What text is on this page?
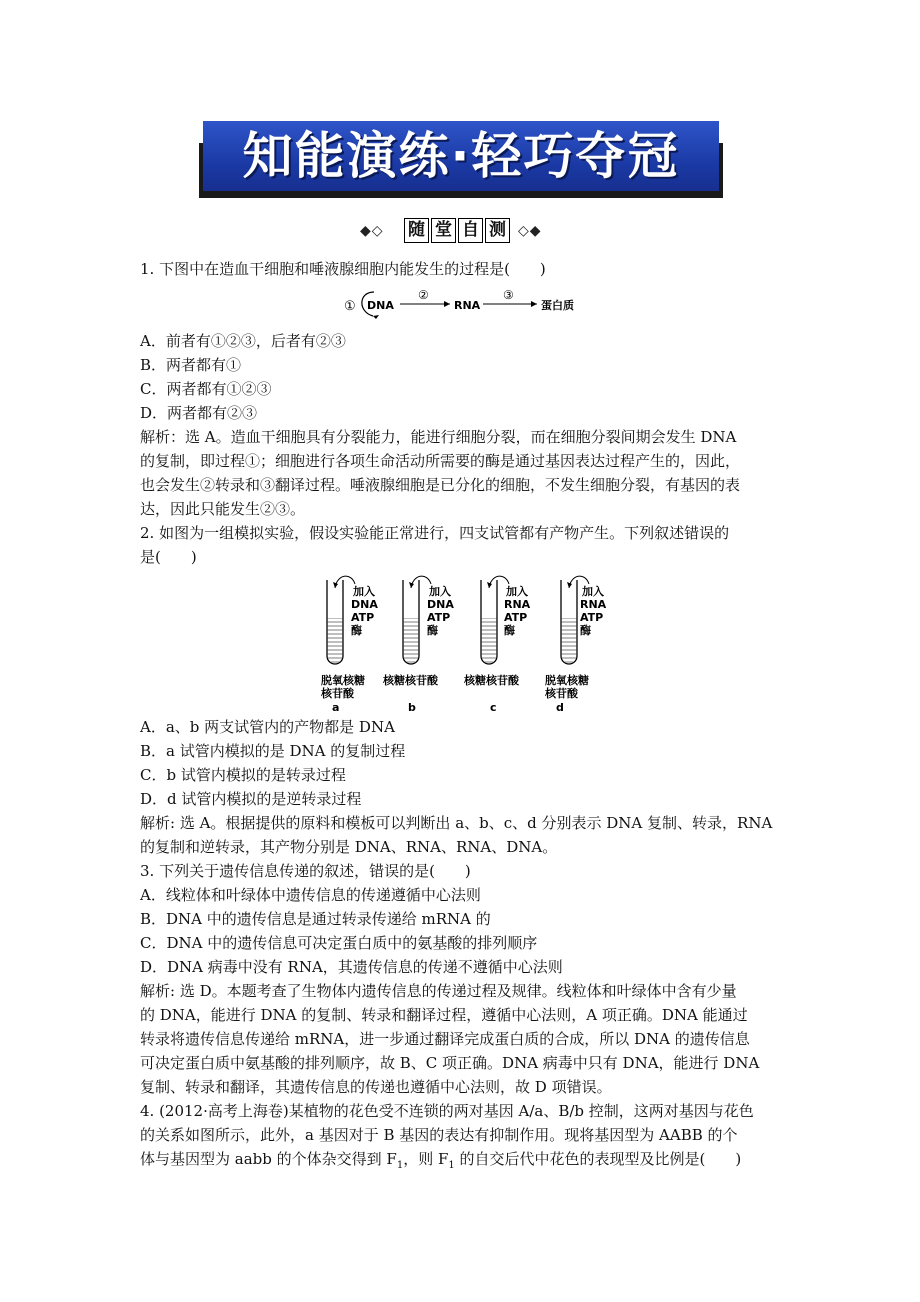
知能演练·轻巧夺冠
◆◇ 随 堂 自 测 ◇◆
1. 下图中在造血干细胞和唾液腺细胞内能发生的过程是(　　)
① DNA
②
RNA
③
蛋白质
A．前者有①②③，后者有②③
B．两者都有①
C．两者都有①②③
D．两者都有②③
解析：选 A。造血干细胞具有分裂能力，能进行细胞分裂，而在细胞分裂间期会发生 DNA
的复制，即过程①；细胞进行各项生命活动所需要的酶是通过基因表达过程产生的，因此，
也会发生②转录和③翻译过程。唾液腺细胞是已分化的细胞，不发生细胞分裂，有基因的表
达，因此只能发生②③。
2. 如图为一组模拟实验，假设实验能正常进行，四支试管都有产物产生。下列叙述错误的
是(　　)
加入
DNA
ATP
酶
脱氧核糖
核苷酸
a
加入
DNA
ATP
酶
核糖核苷酸
b
加入
RNA
ATP
酶
核糖核苷酸
c
加入
RNA
ATP
酶
脱氧核糖
核苷酸
d
A．a、b 两支试管内的产物都是 DNA
B．a 试管内模拟的是 DNA 的复制过程
C．b 试管内模拟的是转录过程
D．d 试管内模拟的是逆转录过程
解析: 选 A。根据提供的原料和模板可以判断出 a、b、c、d 分别表示 DNA 复制、转录，RNA
的复制和逆转录，其产物分别是 DNA、RNA、RNA、DNA。
3. 下列关于遗传信息传递的叙述，错误的是(　　)
A．线粒体和叶绿体中遗传信息的传递遵循中心法则
B．DNA 中的遗传信息是通过转录传递给 mRNA 的
C．DNA 中的遗传信息可决定蛋白质中的氨基酸的排列顺序
D．DNA 病毒中没有 RNA，其遗传信息的传递不遵循中心法则
解析: 选 D。本题考查了生物体内遗传信息的传递过程及规律。线粒体和叶绿体中含有少量
的 DNA，能进行 DNA 的复制、转录和翻译过程，遵循中心法则，A 项正确。DNA 能通过
转录将遗传信息传递给 mRNA，进一步通过翻译完成蛋白质的合成，所以 DNA 的遗传信息
可决定蛋白质中氨基酸的排列顺序，故 B、C 项正确。DNA 病毒中只有 DNA，能进行 DNA
复制、转录和翻译，其遗传信息的传递也遵循中心法则，故 D 项错误。
4. (2012·高考上海卷)某植物的花色受不连锁的两对基因 A/a、B/b 控制，这两对基因与花色
的关系如图所示，此外，a 基因对于 B 基因的表达有抑制作用。现将基因型为 AABB 的个
体与基因型为 aabb 的个体杂交得到 $F_1$，则 $F_1$ 的自交后代中花色的表现型及比例是(　　)
